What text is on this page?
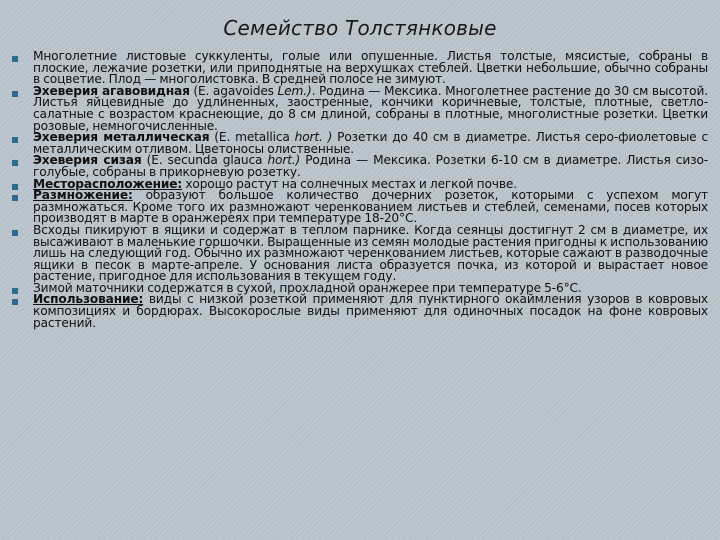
Семейство Толстянковые
Многолетние листовые суккуленты, голые или опушенные. Листья толстые, мясистые, собраны в плоские, лежачие розетки, или приподнятые на верхушках стеблей. Цветки небольшие, обычно собраны в соцветие. Плод — многолистовка. В средней полосе не зимуют.
Эхеверия агавовидная (E. agavoides Lem.). Родина — Мексика. Многолетнее растение до 30 см высотой. Листья яйцевидные до удлиненных, заостренные, кончики коричневые, толстые, плотные, светло-салатные с возрастом краснеющие, до 8 см длиной, собраны в плотные, многолистные розетки. Цветки розовые, немногочисленные.
Эхеверия металлическая (E. metallica hort. ) Розетки до 40 см в диаметре. Листья серо-фиолетовые с металлическим отливом. Цветоносы олиственные.
Эхеверия сизая (E. secunda glauca hort.) Родина — Мексика. Розетки 6-10 см в диаметре. Листья сизо-голубые, собраны в прикорневую розетку.
Месторасположение: хорошо растут на солнечных местах и легкой почве.
Размножение: образуют большое количество дочерних розеток, которыми с успехом могут размножаться. Кроме того их размножают черенкованием листьев и стеблей, семенами, посев которых производят в марте в оранжереях при температуре 18-20°С.
Всходы пикируют в ящики и содержат в теплом парнике. Когда сеянцы достигнут 2 см в диаметре, их высаживают в маленькие горшочки. Выращенные из семян молодые растения пригодны к использованию лишь на следующий год. Обычно их размножают черенкованием листьев, которые сажают в разводочные ящики в песок в марте-апреле. У основания листа образуется почка, из которой и вырастает новое растение, пригодное для использования в текущем году.
Зимой маточники содержатся в сухой, прохладной оранжерее при температуре 5-6°С.
Использование: виды с низкой розеткой применяют для пунктирного окаймления узоров в ковровых композициях и бордюрах. Высокорослые виды применяют для одиночных посадок на фоне ковровых растений.
